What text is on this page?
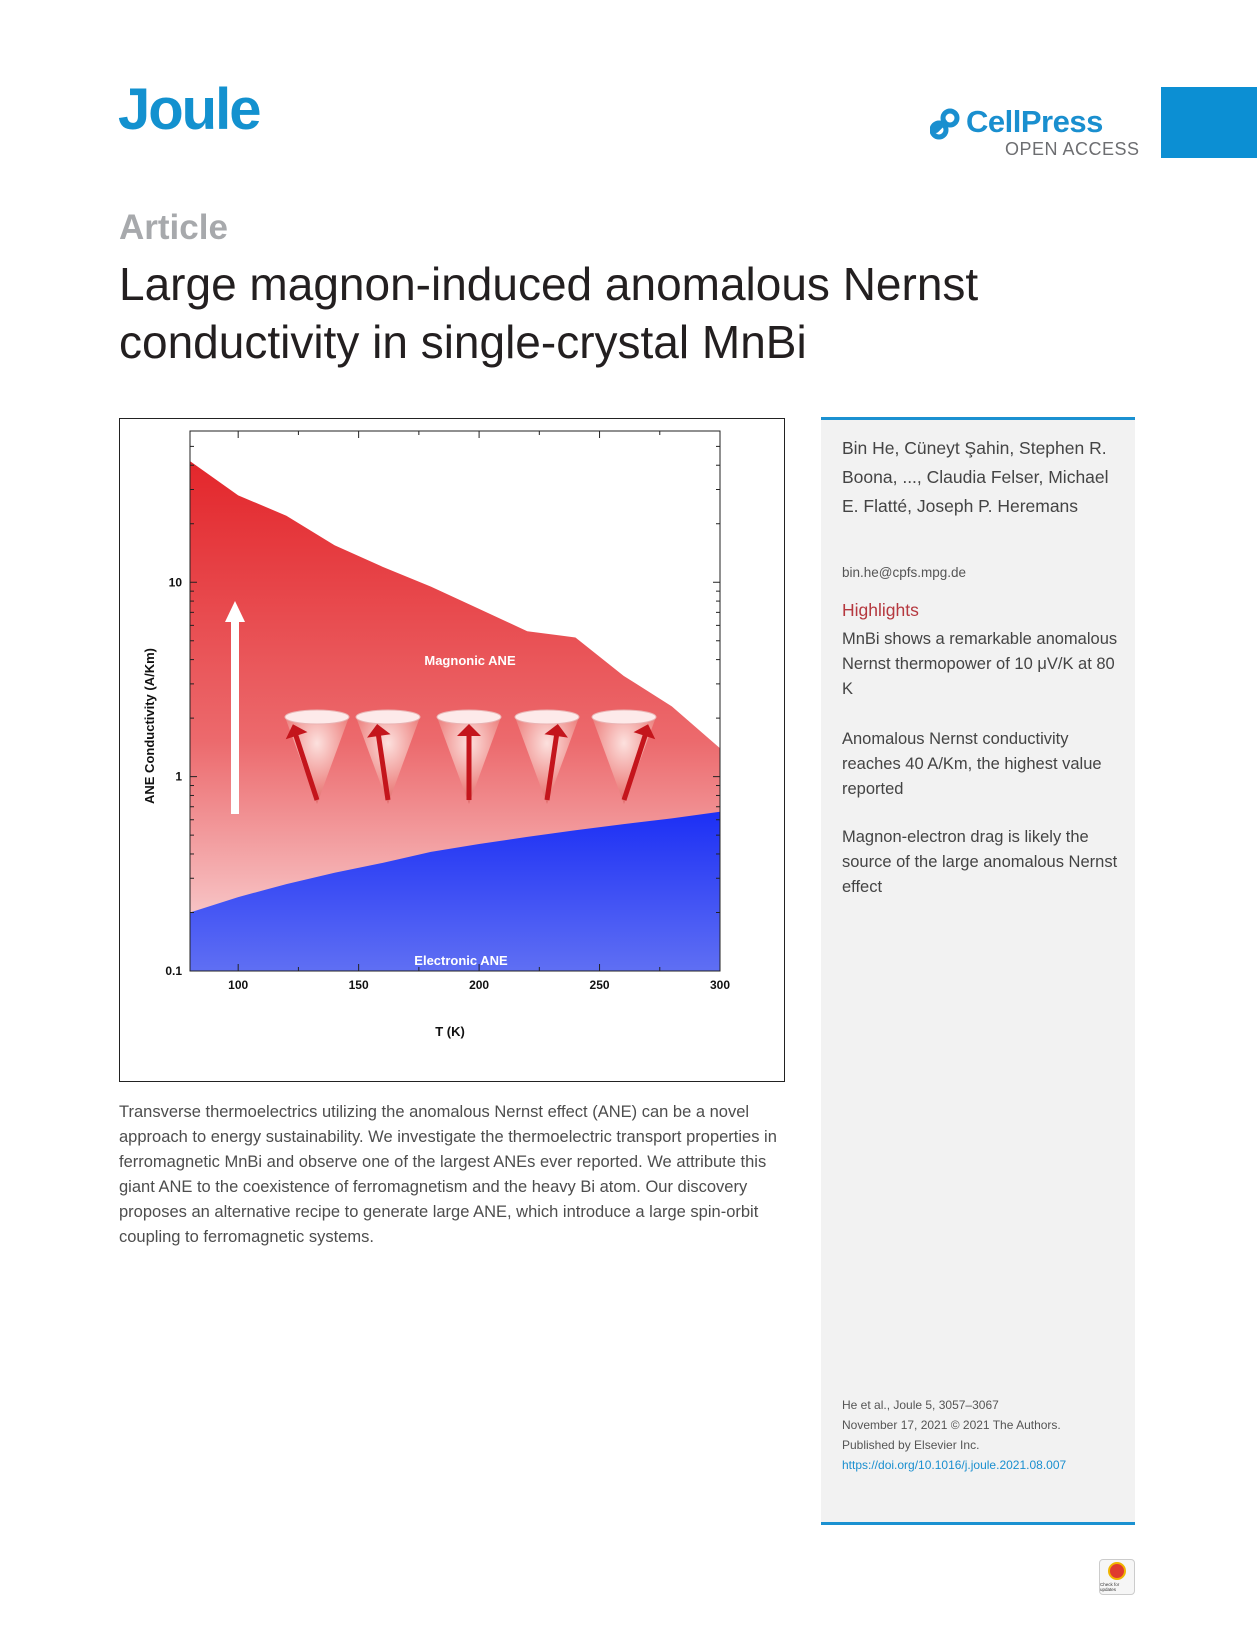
Joule	CellPress
OPEN ACCESS
Article
Large magnon-induced anomalous Nernst conductivity in single-crystal MnBi
100	150	200	250	300
0.1
1
10
Magnonic ANE
Electronic ANE
T (K)
ANE Conductivity (A/Km)
Transverse thermoelectrics utilizing the anomalous Nernst effect (ANE) can be a novel approach to energy sustainability. We investigate the thermoelectric transport properties in ferromagnetic MnBi and observe one of the largest ANEs ever reported. We attribute this giant ANE to the coexistence of ferromagnetism and the heavy Bi atom. Our discovery proposes an alternative recipe to generate large ANE, which introduce a large spin-orbit coupling to ferromagnetic systems.
Bin He, Cüneyt Şahin, Stephen R. Boona, ..., Claudia Felser, Michael E. Flatté, Joseph P. Heremans
bin.he@cpfs.mpg.de
Highlights
MnBi shows a remarkable anomalous Nernst thermopower of 10 μV/K at 80 K
Anomalous Nernst conductivity reaches 40 A/Km, the highest value reported
Magnon-electron drag is likely the source of the large anomalous Nernst effect
He et al., Joule 5, 3057–3067
November 17, 2021 © 2021 The Authors.
Published by Elsevier Inc.
https://doi.org/10.1016/j.joule.2021.08.007
Check for updates
